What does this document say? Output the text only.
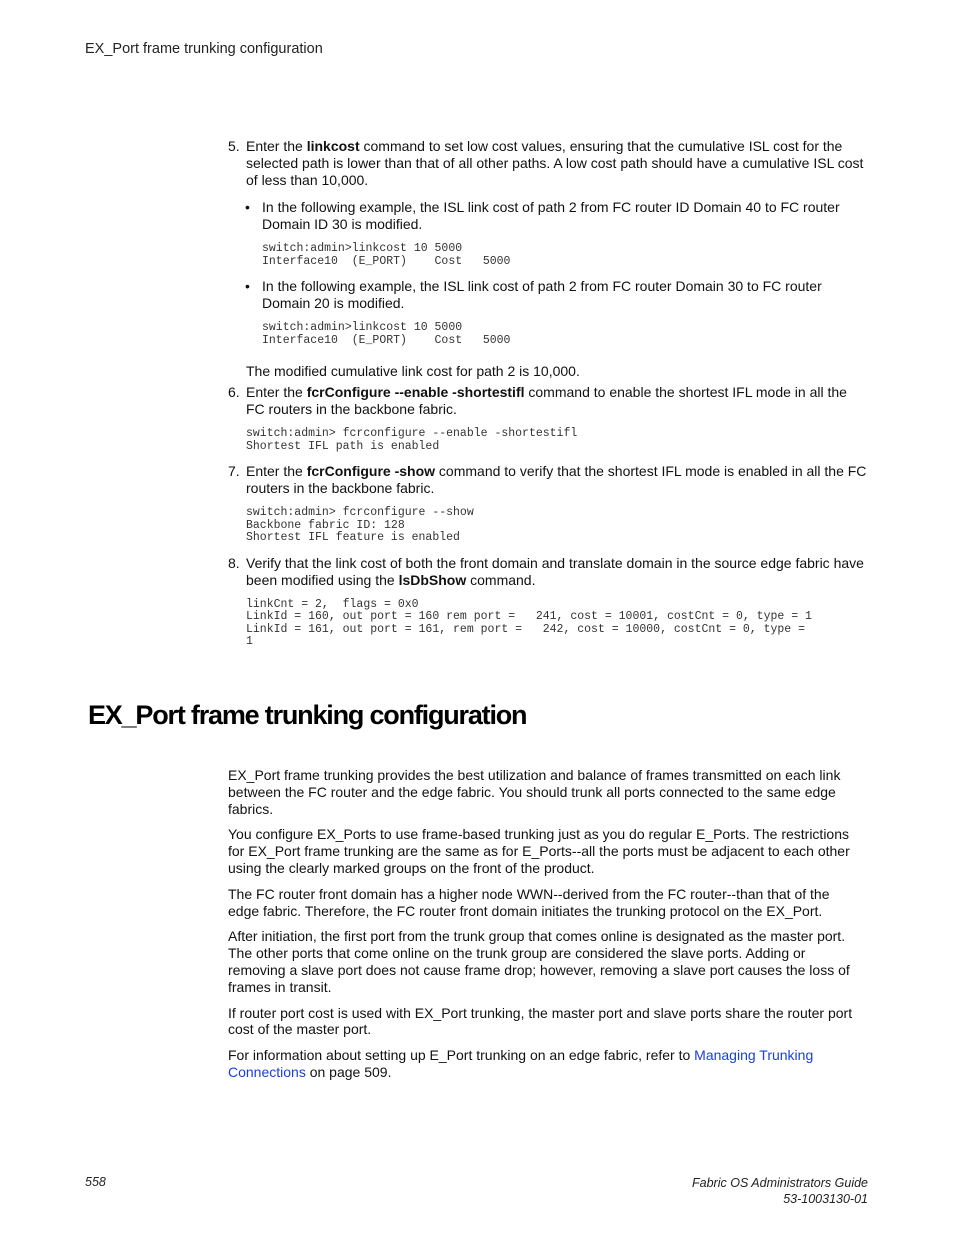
EX_Port frame trunking configuration
5. Enter the linkcost command to set low cost values, ensuring that the cumulative ISL cost for the selected path is lower than that of all other paths. A low cost path should have a cumulative ISL cost of less than 10,000.
• In the following example, the ISL link cost of path 2 from FC router ID Domain 40 to FC router Domain ID 30 is modified.
switch:admin>linkcost 10 5000
Interface10  (E_PORT)    Cost   5000
• In the following example, the ISL link cost of path 2 from FC router Domain 30 to FC router Domain 20 is modified.
switch:admin>linkcost 10 5000
Interface10  (E_PORT)    Cost   5000
The modified cumulative link cost for path 2 is 10,000.
6. Enter the fcrConfigure --enable -shortestifl command to enable the shortest IFL mode in all the FC routers in the backbone fabric.
switch:admin> fcrconfigure --enable -shortestifl
Shortest IFL path is enabled
7. Enter the fcrConfigure -show command to verify that the shortest IFL mode is enabled in all the FC routers in the backbone fabric.
switch:admin> fcrconfigure --show
Backbone fabric ID: 128
Shortest IFL feature is enabled
8. Verify that the link cost of both the front domain and translate domain in the source edge fabric have been modified using the lsDbShow command.
linkCnt = 2,  flags = 0x0
LinkId = 160, out port = 160 rem port =   241, cost = 10001, costCnt = 0, type = 1
LinkId = 161, out port = 161, rem port =   242, cost = 10000, costCnt = 0, type =
1
EX_Port frame trunking configuration

EX_Port frame trunking provides the best utilization and balance of frames transmitted on each link between the FC router and the edge fabric. You should trunk all ports connected to the same edge fabrics.

You configure EX_Ports to use frame-based trunking just as you do regular E_Ports. The restrictions for EX_Port frame trunking are the same as for E_Ports--all the ports must be adjacent to each other using the clearly marked groups on the front of the product.

The FC router front domain has a higher node WWN--derived from the FC router--than that of the edge fabric. Therefore, the FC router front domain initiates the trunking protocol on the EX_Port.

After initiation, the first port from the trunk group that comes online is designated as the master port. The other ports that come online on the trunk group are considered the slave ports. Adding or removing a slave port does not cause frame drop; however, removing a slave port causes the loss of frames in transit.

If router port cost is used with EX_Port trunking, the master port and slave ports share the router port cost of the master port.

For information about setting up E_Port trunking on an edge fabric, refer to Managing Trunking Connections on page 509.

558	Fabric OS Administrators Guide
53-1003130-01
